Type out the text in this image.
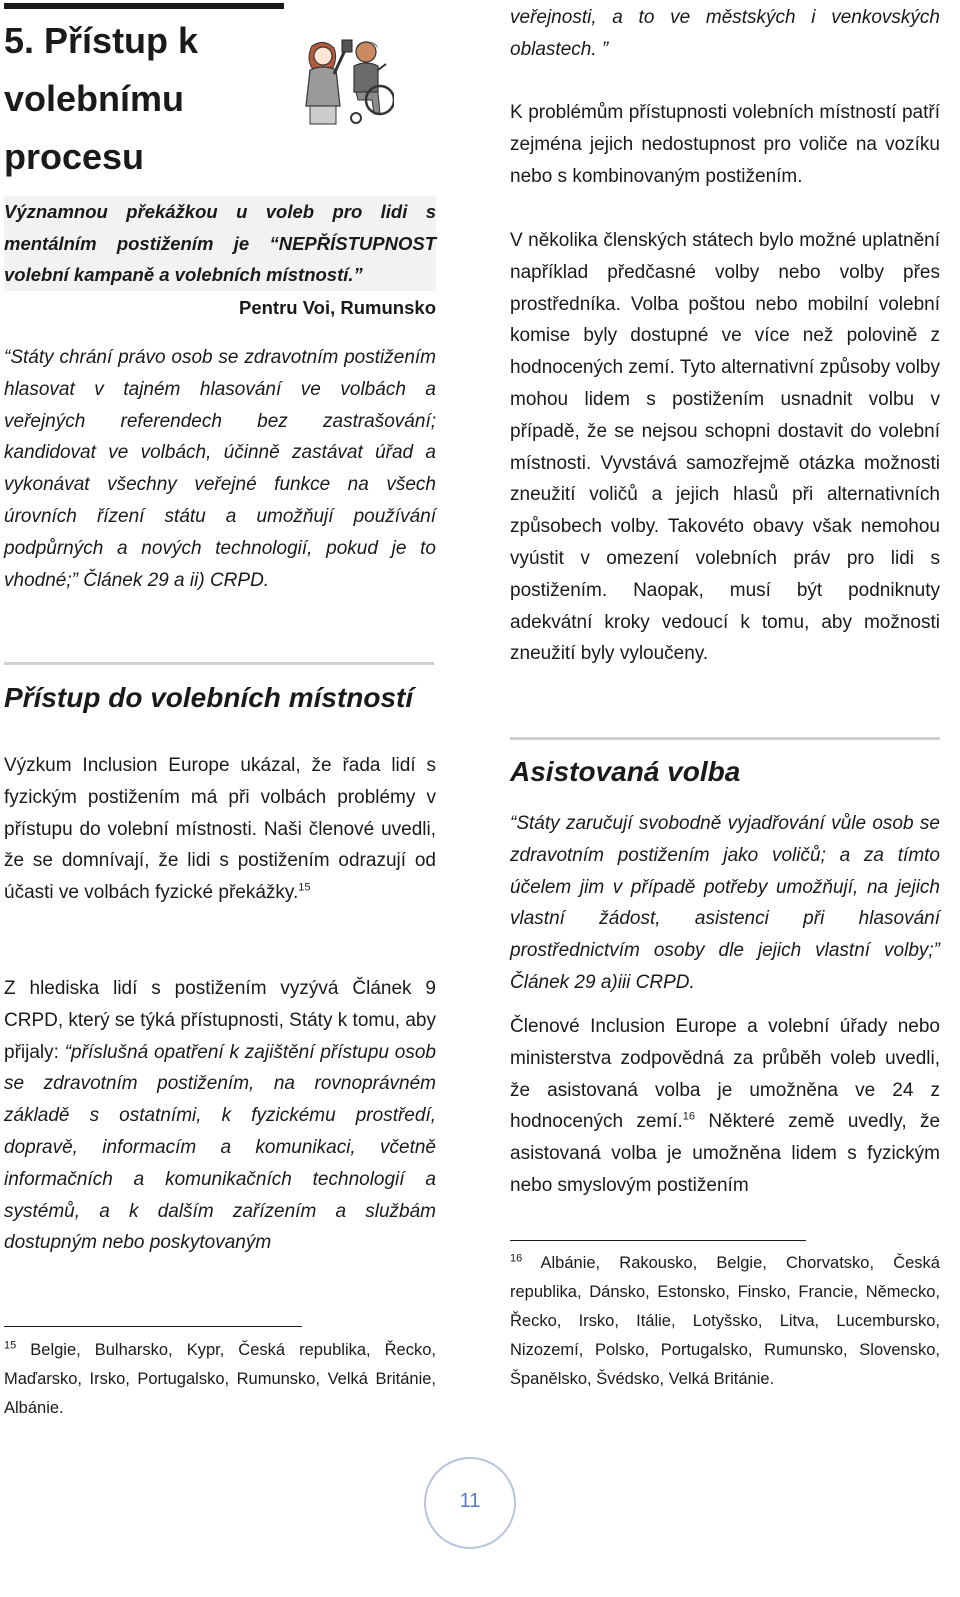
5. Přístup k volebnímu procesu

Významnou překážkou u voleb pro lidi s mentálním postižením je “NEPŘÍSTUPNOST volební kampaně a volebních místností.”

Pentru Voi, Rumunsko

“Státy chrání právo osob se zdravotním postižením hlasovat v tajném hlasování ve volbách a veřejných referendech bez zastrašování; kandidovat ve volbách, účinně zastávat úřad a vykonávat všechny veřejné funkce na všech úrovních řízení státu a umožňují používání podpůrných a nových technologií, pokud je to vhodné;” Článek 29 a ii) CRPD.

Přístup do volebních místností

Výzkum Inclusion Europe ukázal, že řada lidí s fyzickým postižením má při volbách problémy v přístupu do volební místnosti. Naši členové uvedli, že se domnívají, že lidi s postižením odrazují od účasti ve volbách fyzické překážky.$^{15}$

Z hlediska lidí s postižením vyzývá Článek 9 CRPD, který se týká přístupnosti, Státy k tomu, aby přijaly: “příslušná opatření k zajištění přístupu osob se zdravotním postižením, na rovnoprávném základě s ostatními, k fyzickému prostředí, dopravě, informacím a komunikaci, včetně informačních a komunikačních technologií a systémů, a k dalším zařízením a službám dostupným nebo poskytovaným

$^{15}$ Belgie, Bulharsko, Kypr, Česká republika, Řecko, Maďarsko, Irsko, Portugalsko, Rumunsko, Velká Británie, Albánie.

veřejnosti, a to ve městských i venkovských oblastech. ”

K problémům přístupnosti volebních místností patří zejména jejich nedostupnost pro voliče na vozíku nebo s kombinovaným postižením.

V několika členských státech bylo možné uplatnění například předčasné volby nebo volby přes prostředníka. Volba poštou nebo mobilní volební komise byly dostupné ve více než polovině z hodnocených zemí. Tyto alternativní způsoby volby mohou lidem s postižením usnadnit volbu v případě, že se nejsou schopni dostavit do volební místnosti. Vyvstává samozřejmě otázka možnosti zneužití voličů a jejich hlasů při alternativních způsobech volby. Takovéto obavy však nemohou vyústit v omezení volebních práv pro lidi s postižením. Naopak, musí být podniknuty adekvátní kroky vedoucí k tomu, aby možnosti zneužití byly vyloučeny.

Asistovaná volba

“Státy zaručují svobodně vyjadřování vůle osob se zdravotním postižením jako voličů; a za tímto účelem jim v případě potřeby umožňují, na jejich vlastní žádost, asistenci při hlasování prostřednictvím osoby dle jejich vlastní volby;” Článek 29 a)iii CRPD.

Členové Inclusion Europe a volební úřady nebo ministerstva zodpovědná za průběh voleb uvedli, že asistovaná volba je umožněna ve 24 z hodnocených zemí.$^{16}$ Některé země uvedly, že asistovaná volba je umožněna lidem s fyzickým nebo smyslovým postižením

$^{16}$ Albánie, Rakousko, Belgie, Chorvatsko, Česká republika, Dánsko, Estonsko, Finsko, Francie, Německo, Řecko, Irsko, Itálie, Lotyšsko, Litva, Lucembursko, Nizozemí, Polsko, Portugalsko, Rumunsko, Slovensko, Španělsko, Švédsko, Velká Británie.

11
